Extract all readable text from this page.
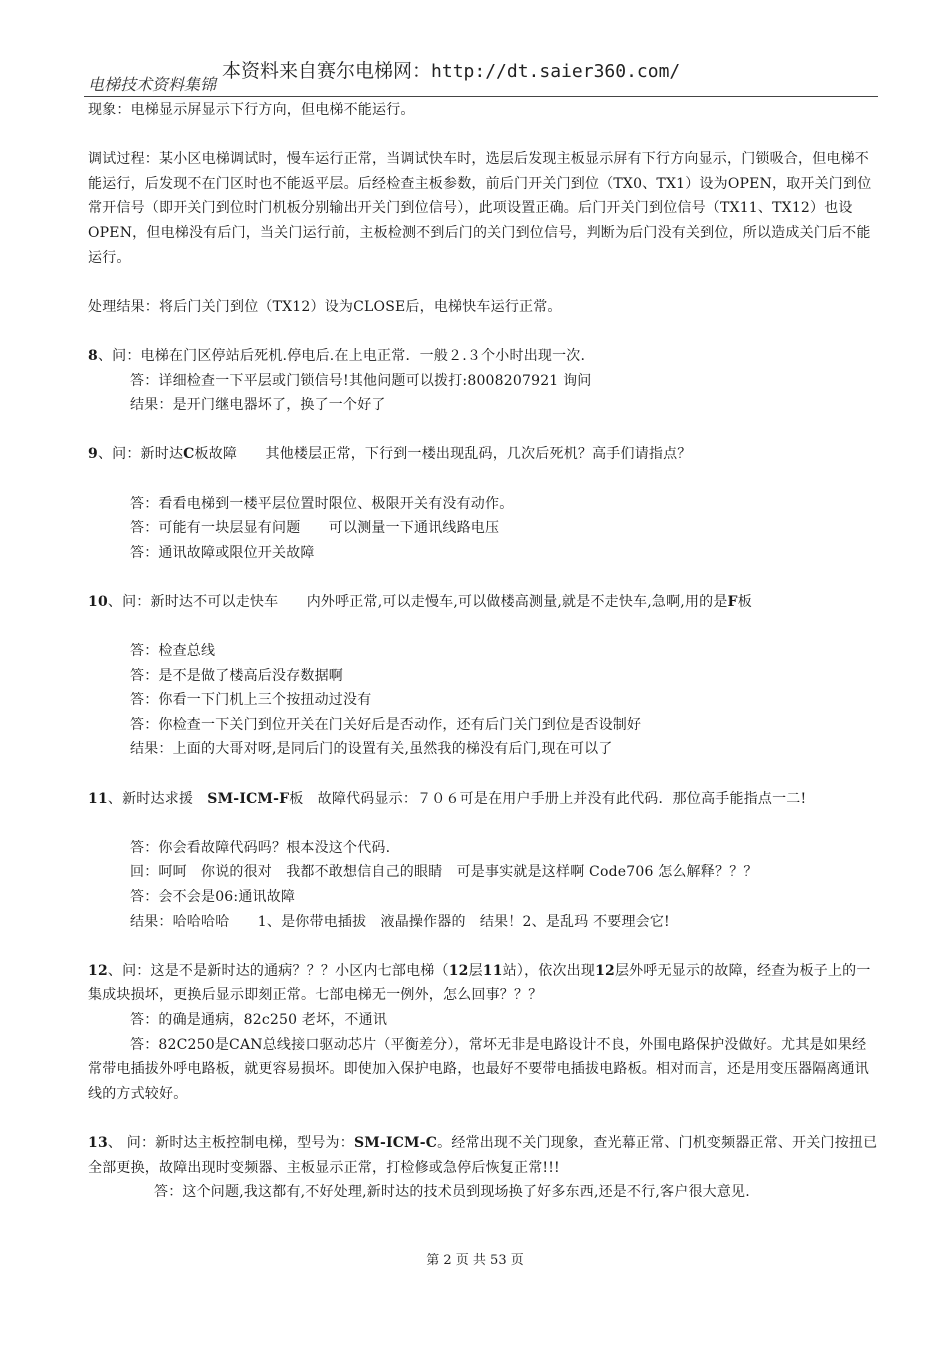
本资料来自赛尔电梯网：http://dt.saier360.com/
电梯技术资料集锦

现象：电梯显示屏显示下行方向，但电梯不能运行。

调试过程：某小区电梯调试时，慢车运行正常，当调试快车时，选层后发现主板显示屏有下行方向显示，门锁吸合，但电梯不能运行，后发现不在门区时也不能返平层。后经检查主板参数，前后门开关门到位（TX0、TX1）设为OPEN，取开关门到位常开信号（即开关门到位时门机板分别输出开关门到位信号），此项设置正确。后门开关门到位信号（TX11、TX12）也设OPEN，但电梯没有后门，当关门运行前，主板检测不到后门的关门到位信号，判断为后门没有关到位，所以造成关门后不能运行。

处理结果：将后门关门到位（TX12）设为CLOSE后，电梯快车运行正常。

8、问：电梯在门区停站后死机.停电后.在上电正常．一般２.３个小时出现一次.

答：详细检查一下平层或门锁信号!其他问题可以拨打:8008207921 询问

结果：是开门继电器坏了，换了一个好了

9、问：新时达C板故障　　其他楼层正常，下行到一楼出现乱码，几次后死机？高手们请指点？

答：看看电梯到一楼平层位置时限位、极限开关有没有动作。

答：可能有一块层显有问题　　可以测量一下通讯线路电压

答：通讯故障或限位开关故障

10、问：新时达不可以走快车　　内外呼正常,可以走慢车,可以做楼高测量,就是不走快车,急啊,用的是F板

答：检查总线

答：是不是做了楼高后没存数据啊

答：你看一下门机上三个按扭动过没有

答：你检查一下关门到位开关在门关好后是否动作，还有后门关门到位是否设制好

结果：上面的大哥对呀,是同后门的设置有关,虽然我的梯没有后门,现在可以了

11、新时达求援　SM-ICM-F板　故障代码显示：７０６可是在用户手册上并没有此代码．那位高手能指点一二!

答：你会看故障代码吗？根本没这个代码.

回：呵呵　你说的很对　我都不敢想信自己的眼睛　可是事实就是这样啊 Code706 怎么解释？？？

答：会不会是06:通讯故障

结果：哈哈哈哈　　1、是你带电插拔　液晶操作器的　结果！2、是乱玛 不要理会它!

12、问：这是不是新时达的通病？？？小区内七部电梯（12层11站），依次出现12层外呼无显示的故障，经查为板子上的一集成块损坏，更换后显示即刻正常。七部电梯无一例外，怎么回事？？？

答：的确是通病，82c250 老坏，不通讯

答：82C250是CAN总线接口驱动芯片（平衡差分），常坏无非是电路设计不良，外围电路保护没做好。尤其是如果经常带电插拔外呼电路板，就更容易损坏。即使加入保护电路，也最好不要带电插拔电路板。相对而言，还是用变压器隔离通讯线的方式较好。

13、 问：新时达主板控制电梯，型号为：SM-ICM-C。经常出现不关门现象，查光幕正常、门机变频器正常、开关门按扭已全部更换，故障出现时变频器、主板显示正常，打检修或急停后恢复正常!!!

答：这个问题,我这都有,不好处理,新时达的技术员到现场换了好多东西,还是不行,客户很大意见.

第 2 页 共 53 页
